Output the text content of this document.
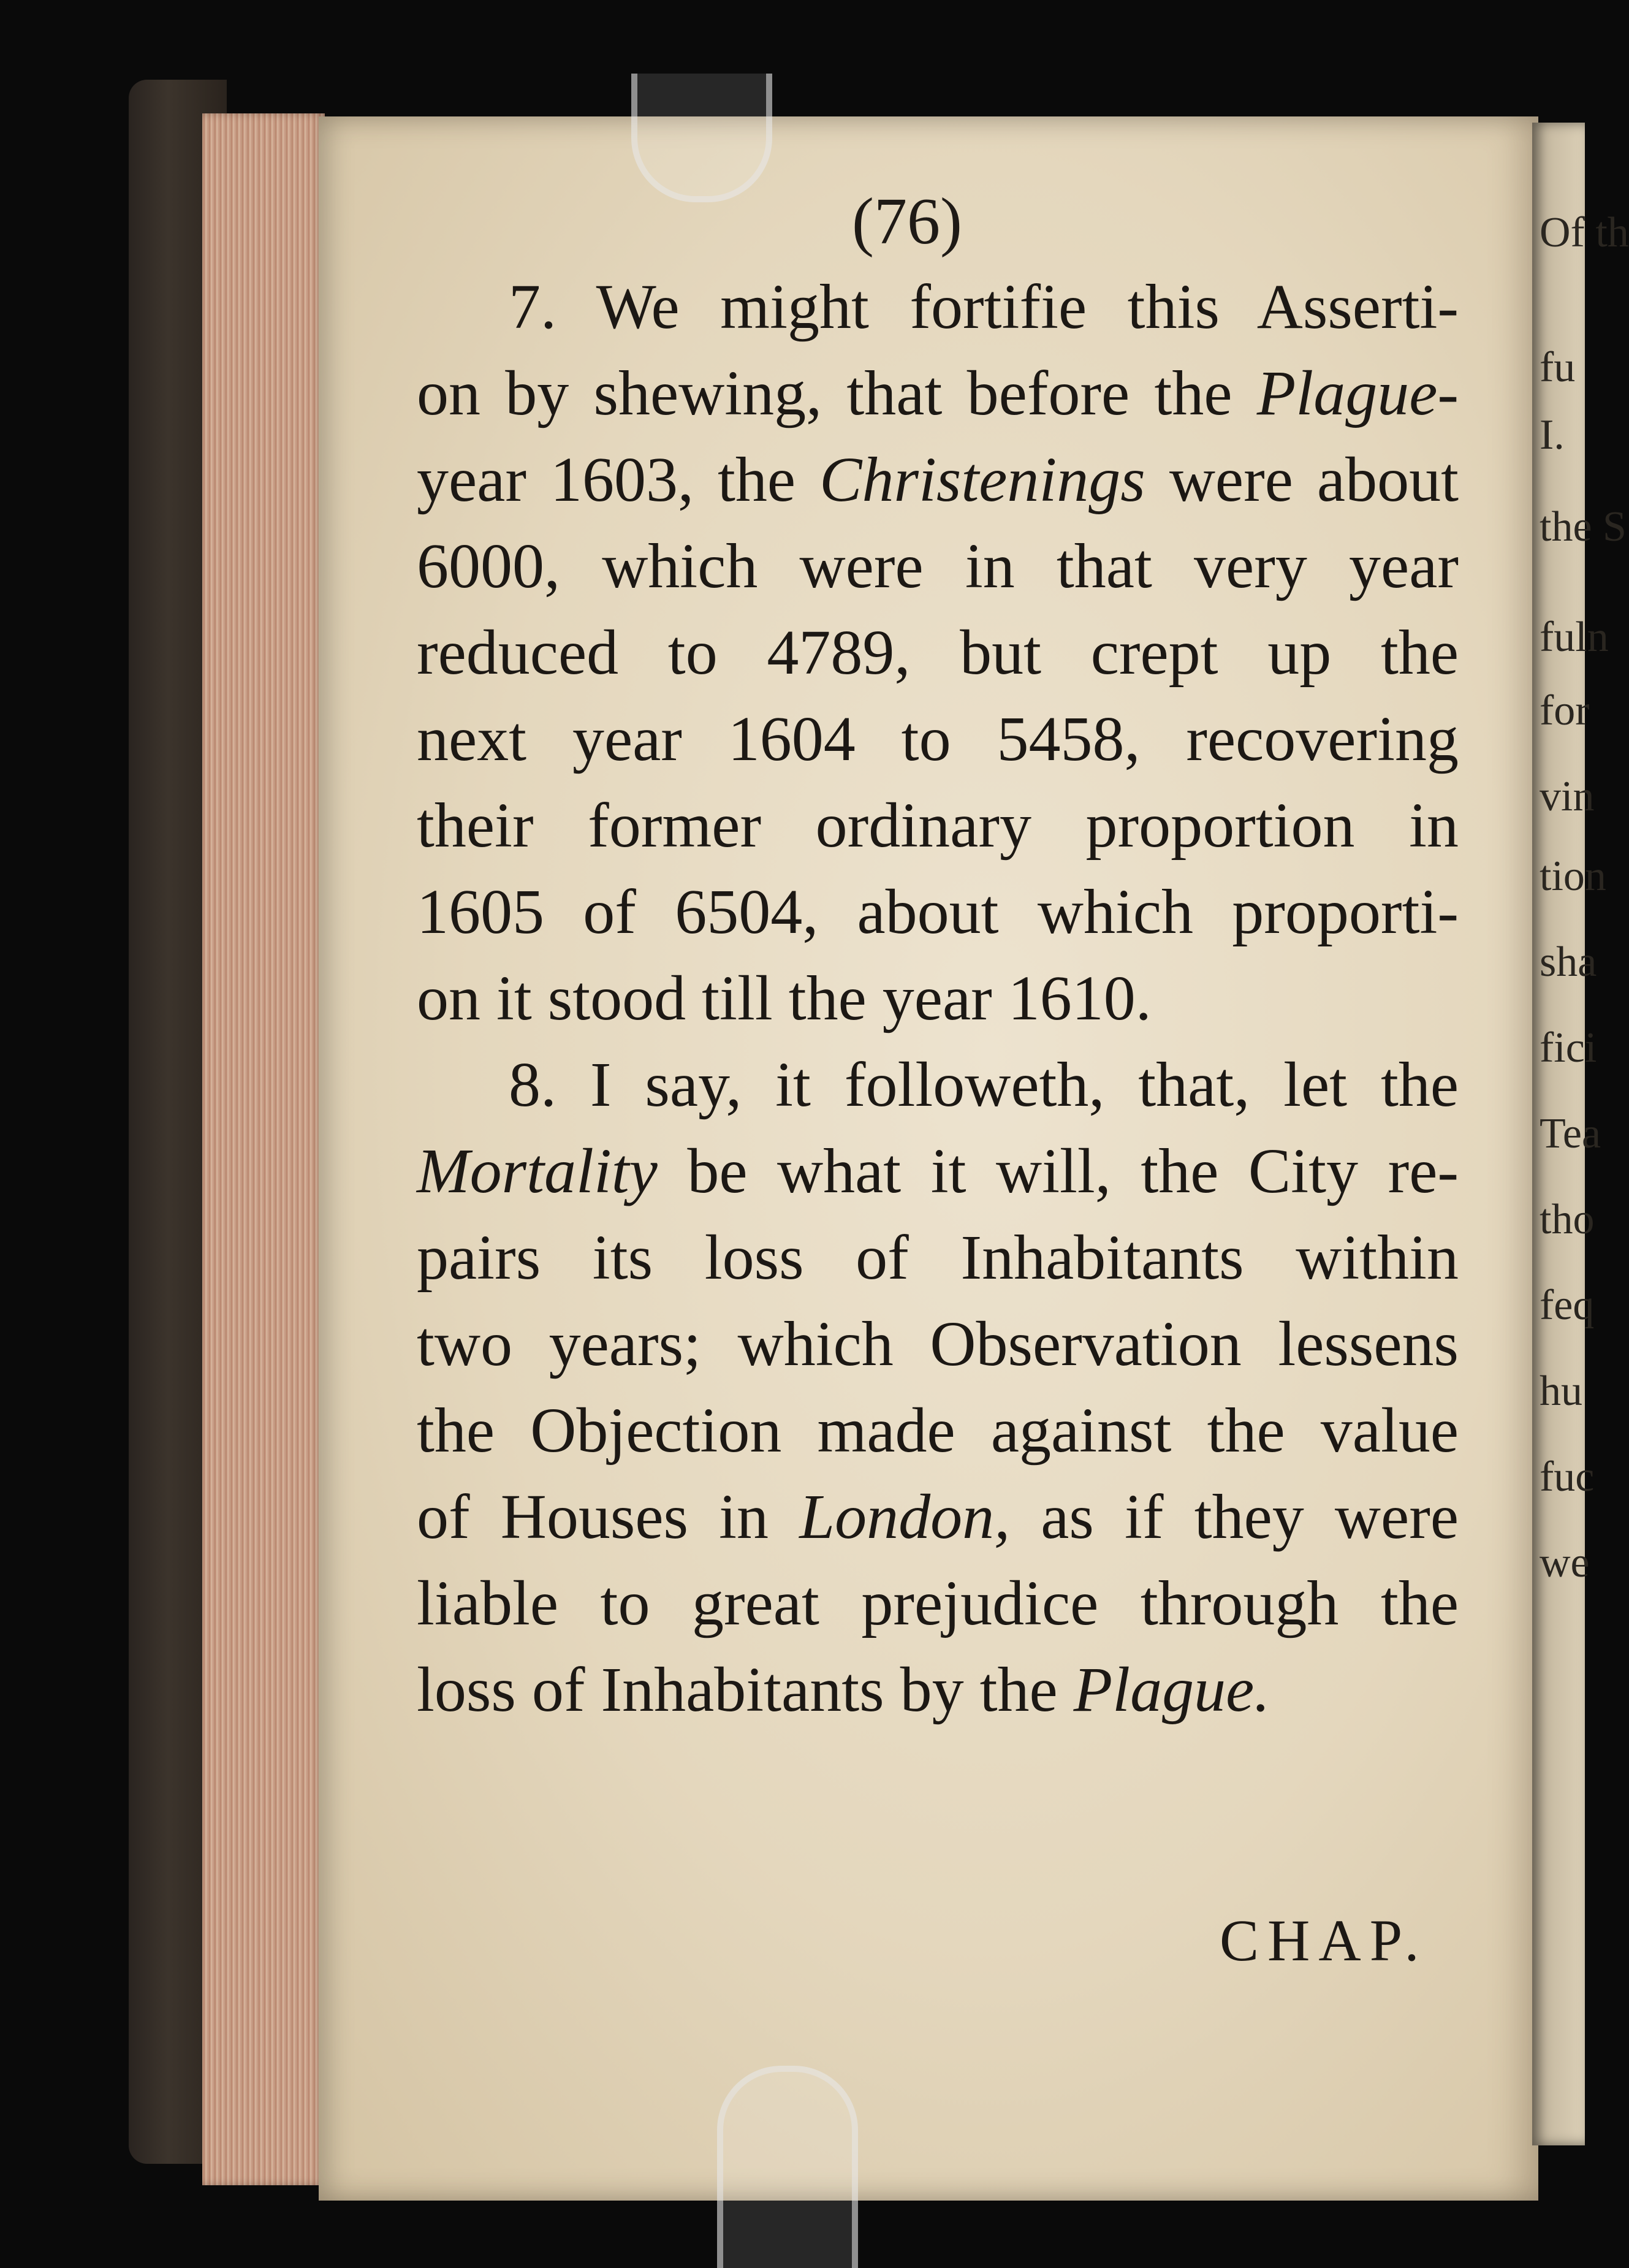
Of th
fu
I.
the S
fuln
for
vin
tion
sha
fici
Tea
tho
feq
hu
fuc
we
(76)
7. We might fortifie this Asserti-
on by shewing, that before the Plague-
year 1603, the Christenings were about
6000, which were in that very year
reduced to 4789, but crept up the
next year 1604 to 5458, recovering
their former ordinary proportion in
1605 of 6504, about which proporti-
on it stood till the year 1610.
8. I say, it followeth, that, let the
Mortality be what it will, the City re-
pairs its loss of Inhabitants within
two years; which Observation lessens
the Objection made against the value
of Houses in London, as if they were
liable to great prejudice through the
loss of Inhabitants by the Plague.
CHAP.
